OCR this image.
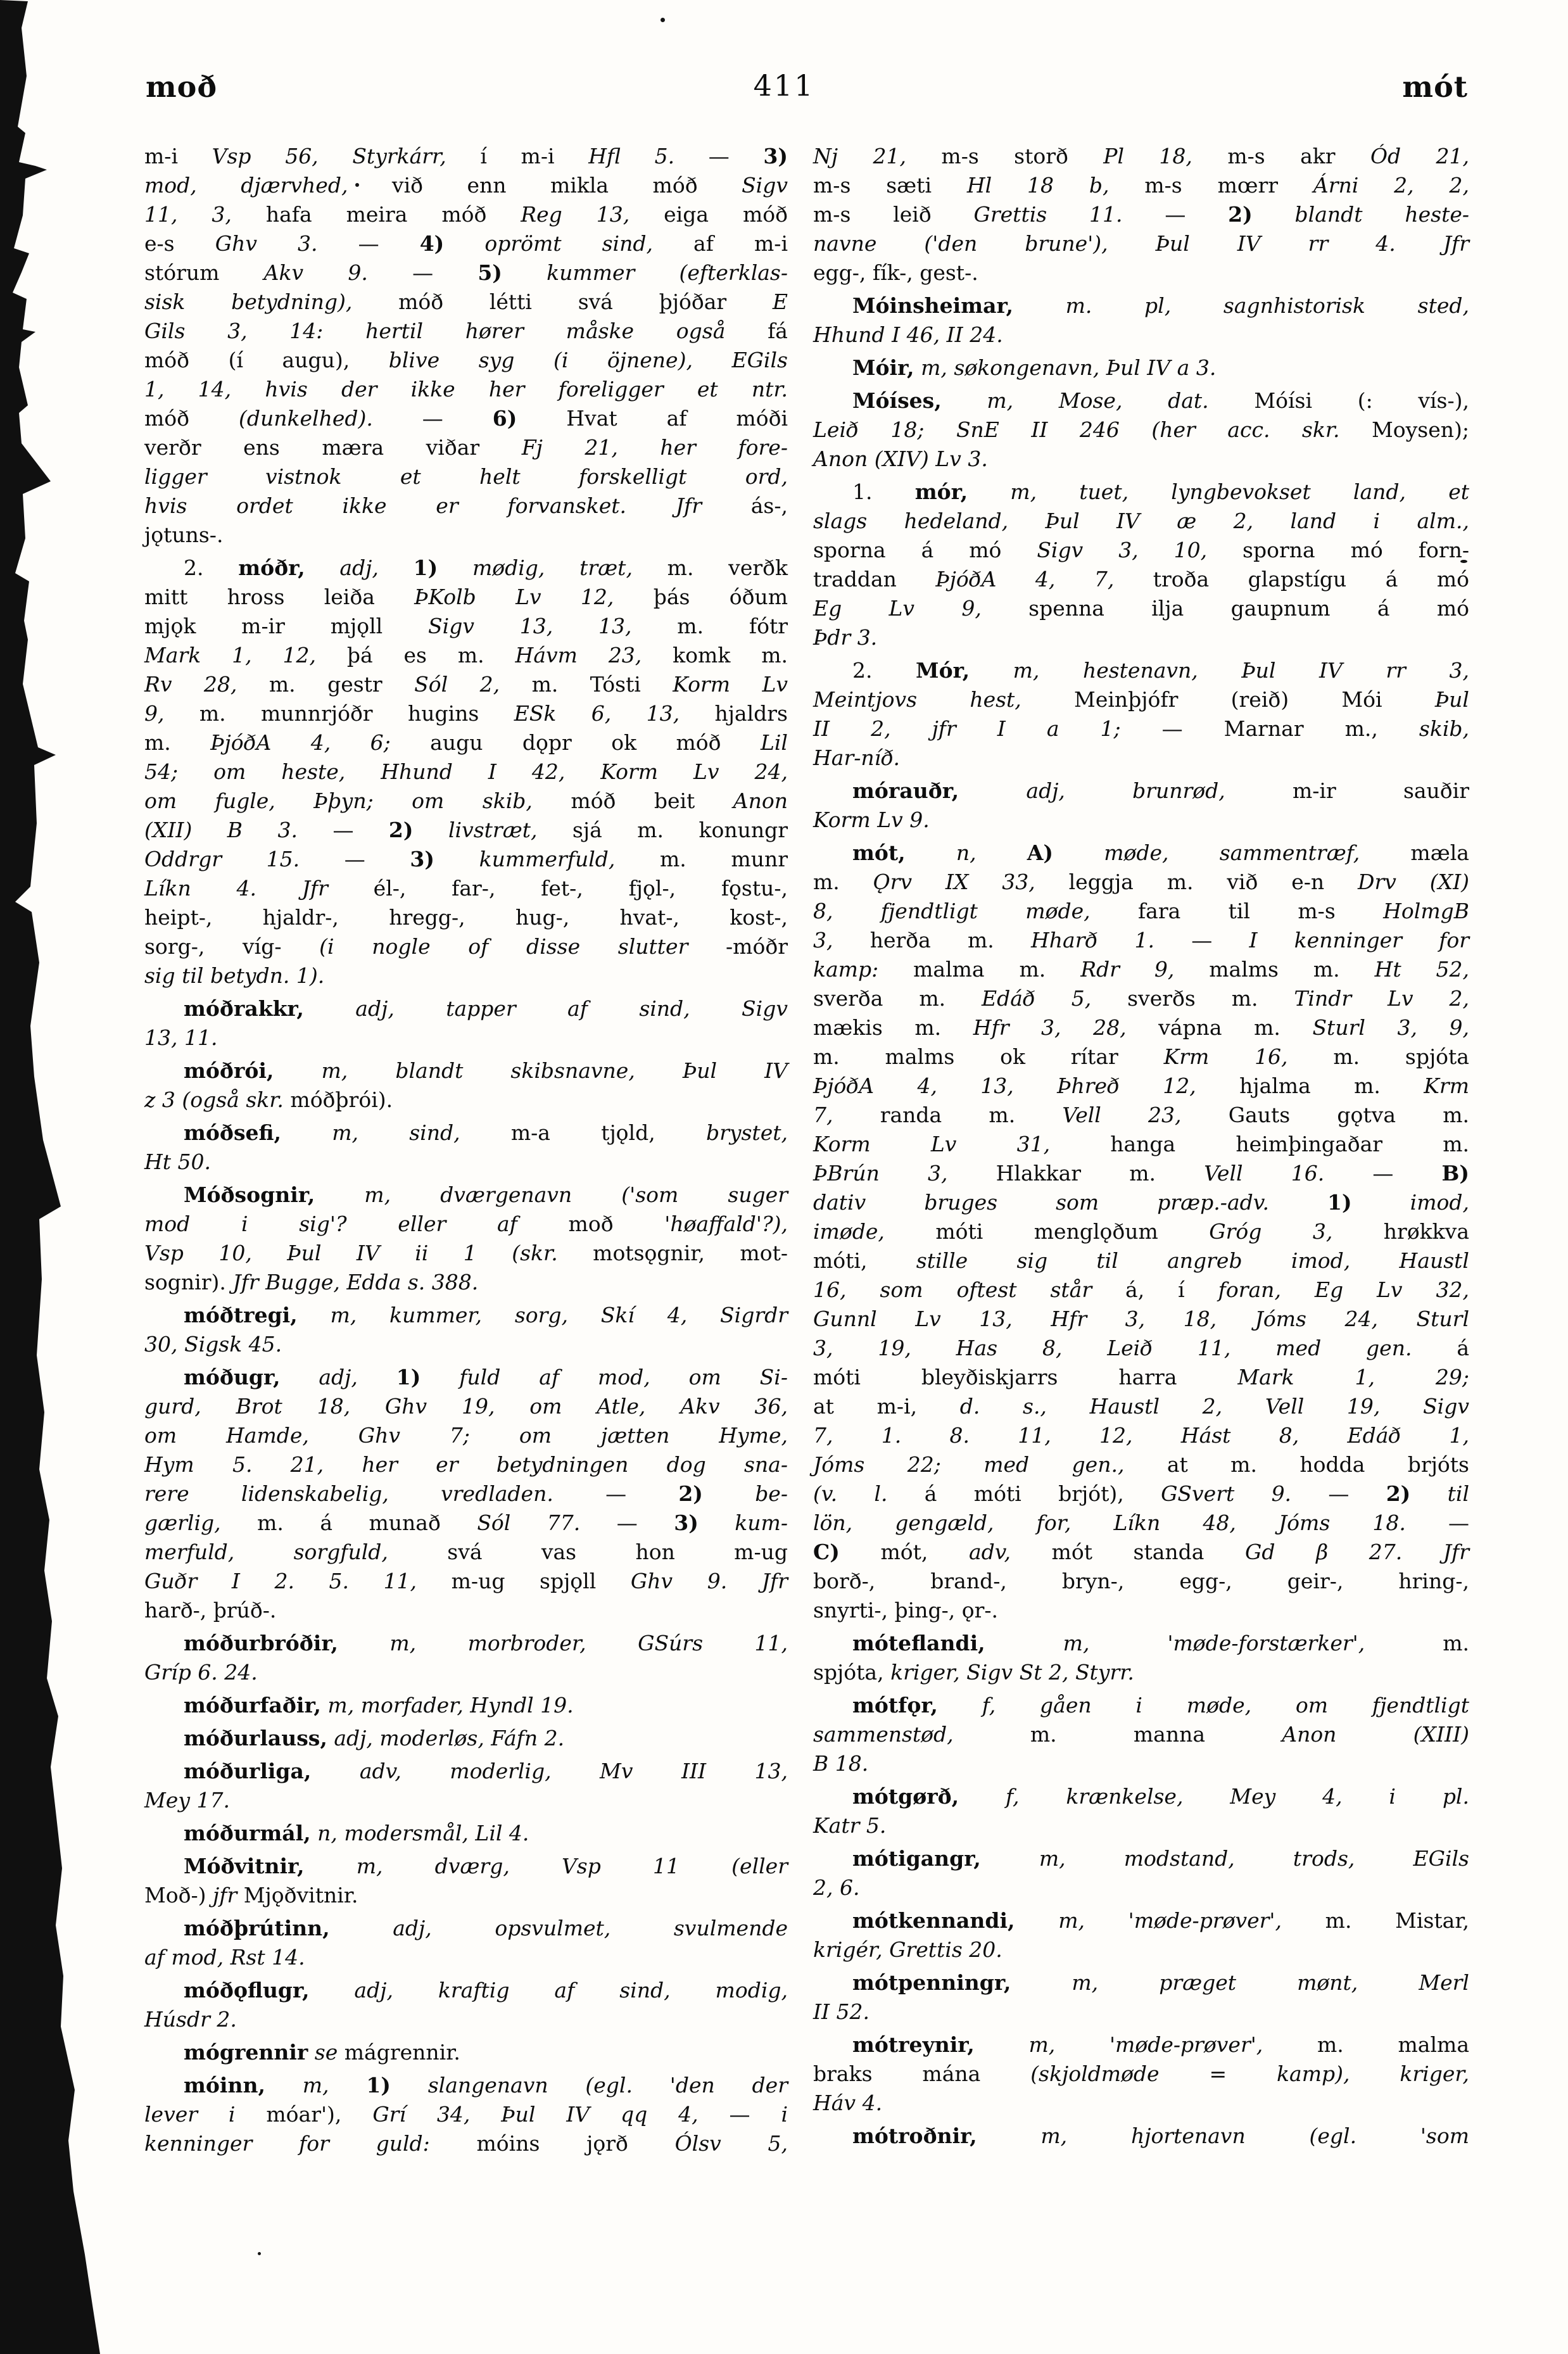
moð	411	mót
m-i Vsp 56, Styrkárr, í m-i Hfl 5. — 3)
mod, djærvhed, við enn mikla móð Sigv
11, 3, hafa meira móð Reg 13, eiga móð
e-s Ghv 3. — 4) oprömt sind, af m-i
stórum Akv 9. — 5) kummer (efterklas-
sisk betydning), móð létti svá þjóðar E
Gils 3, 14: hertil hører måske også fá
móð (í augu), blive syg (i öjnene), EGils
1, 14, hvis der ikke her foreligger et ntr.
móð (dunkelhed). — 6) Hvat af móði
verðr ens mæra viðar Fj 21, her fore-
ligger vistnok et helt forskelligt ord,
hvis ordet ikke er forvansket. Jfr ás-,
jǫtuns-.
2. móðr, adj, 1) mødig, træt, m. verðk
mitt hross leiða ÞKolb Lv 12, þás óðum
mjǫk m-ir mjǫll Sigv 13, 13, m. fótr
Mark 1, 12, þá es m. Hávm 23, komk m.
Rv 28, m. gestr Sól 2, m. Tósti Korm Lv
9, m. munnrjóðr hugins ESk 6, 13, hjaldrs
m. ÞjóðA 4, 6; augu dǫpr ok móð Lil
54; om heste, Hhund I 42, Korm Lv 24,
om fugle, Þþyn; om skib, móð beit Anon
(XII) B 3. — 2) livstræt, sjá m. konungr
Oddrgr 15. — 3) kummerfuld, m. munr
Líkn 4. Jfr él-, far-, fet-, fjǫl-, fǫstu-,
heipt-, hjaldr-, hregg-, hug-, hvat-, kost-,
sorg-, víg- (i nogle of disse slutter -móðr
sig til betydn. 1).
móðrakkr, adj, tapper af sind, Sigv
13, 11.
móðrói, m, blandt skibsnavne, Þul IV
z 3 (også skr. móðþrói).
móðsefi, m, sind, m-a tjǫld, brystet,
Ht 50.
Móðsognir, m, dværgenavn ('som suger
mod i sig'? eller af moð 'høaffald'?),
Vsp 10, Þul IV ii 1 (skr. motsǫgnir, mot-
sognir). Jfr Bugge, Edda s. 388.
móðtregi, m, kummer, sorg, Skí 4, Sigrdr
30, Sigsk 45.
móðugr, adj, 1) fuld af mod, om Si-
gurd, Brot 18, Ghv 19, om Atle, Akv 36,
om Hamde, Ghv 7; om jætten Hyme,
Hym 5. 21, her er betydningen dog sna-
rere lidenskabelig, vredladen. — 2) be-
gærlig, m. á munað Sól 77. — 3) kum-
merfuld, sorgfuld, svá vas hon m-ug
Guðr I 2. 5. 11, m-ug spjǫll Ghv 9. Jfr
harð-, þrúð-.
móðurbróðir, m, morbroder, GSúrs 11,
Gríp 6. 24.
móðurfaðir, m, morfader, Hyndl 19.
móðurlauss, adj, moderløs, Fáfn 2.
móðurliga, adv, moderlig, Mv III 13,
Mey 17.
móðurmál, n, modersmål, Lil 4.
Móðvitnir, m, dværg, Vsp 11 (eller
Moð-) jfr Mjǫðvitnir.
móðþrútinn,	adj, opsvulmet, svulmende
af mod, Rst 14.
móðǫflugr, adj, kraftig af sind, modig,
Húsdr 2.
mógrennir se mágrennir.
móinn, m, 1) slangenavn (egl. 'den der
lever i móar'), Grí 34, Þul IV qq 4, — i
kenninger for guld: móins jǫrð Ólsv 5,
Nj 21, m-s storð Pl 18, m-s akr Ód 21,
m-s sæti Hl 18 b, m-s mœrr Árni 2, 2,
m-s leið Grettis 11. — 2) blandt heste-
navne ('den brune'), Þul IV rr 4. Jfr
egg-, fík-, gest-.
Móinsheimar,	m. pl, sagnhistorisk sted,
Hhund I 46, II 24.
Móir, m, søkongenavn, Þul IV a 3.
Móíses, m, Mose, dat. Móísi (: vís-),
Leið 18; SnE II 246 (her acc. skr. Moysen);
Anon (XIV) Lv 3.
1. mór, m, tuet, lyngbevokset land, et
slags hedeland, Þul IV æ 2, land i alm.,
sporna á mó Sigv 3, 10, sporna mó forn-
traddan ÞjóðA 4, 7, troða glapstígu á mó
Eg Lv 9, spenna ilja gaupnum á mó
Þdr 3.
2. Mór, m, hestenavn, Þul IV rr 3,
Meintjovs hest, Meinþjófr (reið) Mói Þul
II 2, jfr I a 1; — Marnar m., skib,
Har-níð.
mórauðr,	adj, brunrød, m-ir sauðir
Korm Lv 9.
mót, n, A) møde, sammentræf, mæla
m. Ǫrv IX 33, leggja m. við e-n Drv (XI)
8, fjendtligt møde, fara til m-s HolmgB
3, herða m. Hharð 1. — I kenninger for
kamp: malma m. Rdr 9, malms m. Ht 52,
sverða m. Edáð 5, sverðs m. Tindr Lv 2,
mækis m. Hfr 3, 28, vápna m. Sturl 3, 9,
m. malms ok rítar Krm 16, m. spjóta
ÞjóðA 4, 13, Þhreð 12, hjalma m. Krm
7, randa m. Vell 23, Gauts gǫtva m.
Korm Lv 31, hanga heimþingaðar m.
ÞBrún 3, Hlakkar m. Vell 16. — B)
dativ bruges som præp.-adv.	1)	imod,
imøde, móti menglǫðum Gróg 3, hrøkkva
móti, stille sig til angreb imod, Haustl
16, som oftest står á, í foran, Eg Lv 32,
Gunnl Lv 13, Hfr 3, 18, Jóms 24, Sturl
3, 19, Has 8, Leið 11, med gen. á
móti bleyðiskjarrs harra Mark 1, 29;
at m-i, d. s., Haustl 2, Vell 19, Sigv
7, 1. 8. 11, 12, Hást 8, Edáð 1,
Jóms 22; med gen., at m. hodda brjóts
(v. l. á móti brjót), GSvert 9. — 2) til
lön, gengæld, for, Líkn 48, Jóms 18. —
C) mót, adv, mót standa Gd β 27. Jfr
borð-, brand-, bryn-, egg-, geir-, hring-,
snyrti-, þing-, ǫr-.
móteflandi,	m, 'møde-forstærker', m.
spjóta, kriger, Sigv St 2, Styrr.
mótfǫr, f, gåen i møde, om fjendtligt
sammenstød, m. manna Anon (XIII)
B 18.
mótgørð, f, krænkelse, Mey 4, i pl.
Katr 5.
mótigangr,	m, modstand, trods, EGils
2, 6.
mótkennandi, m, 'møde-prøver', m. Mistar,
krigér, Grettis 20.
mótpenningr,	m, præget mønt, Merl
II 52.
mótreynir,	m, 'møde-prøver', m. malma
braks mána (skjoldmøde = kamp), kriger,
Háv 4.
mótroðnir,	m, hjortenavn (egl. 'som
